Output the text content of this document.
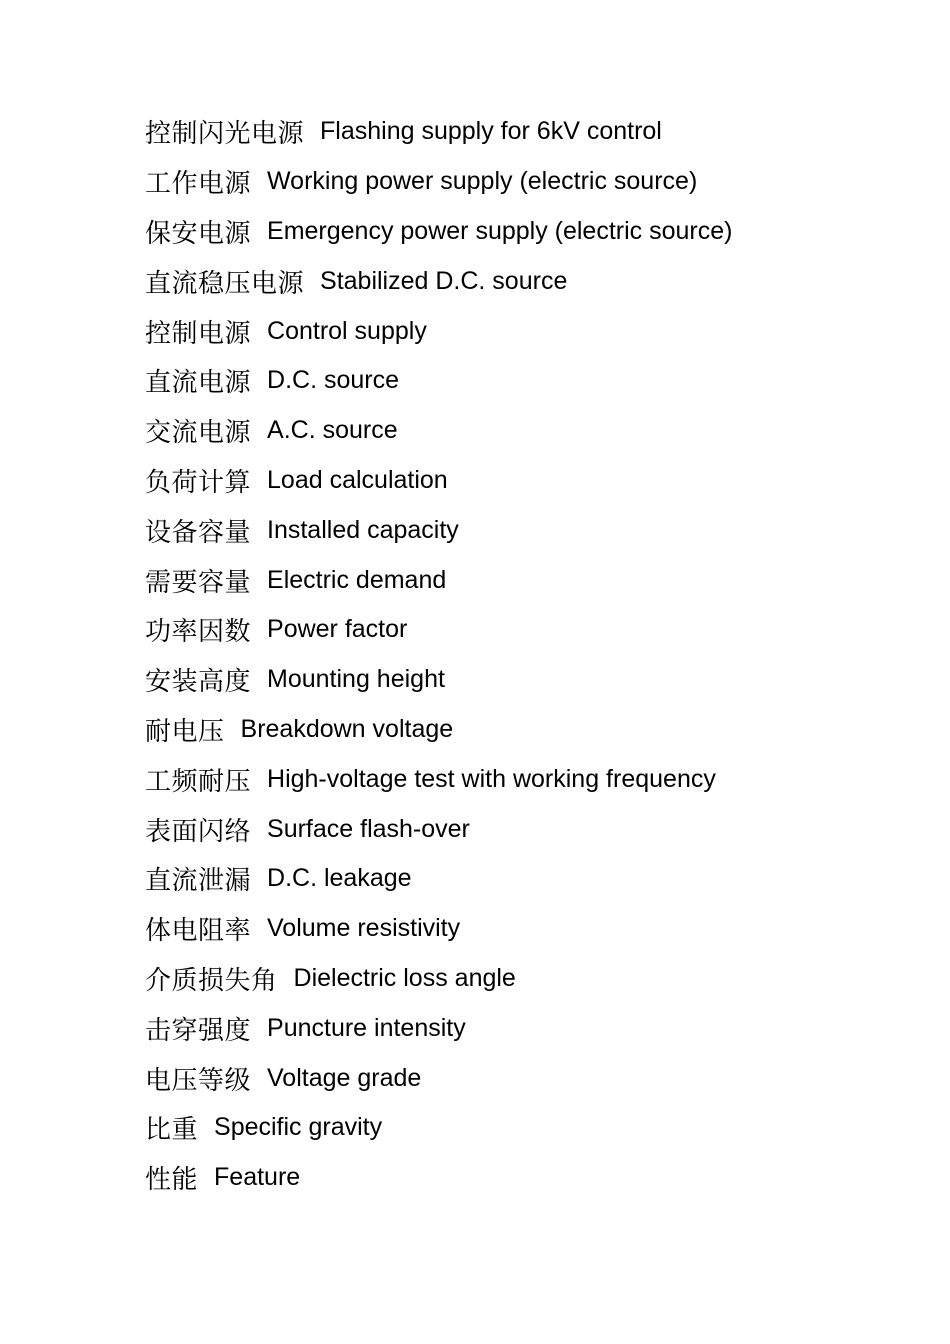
控制闪光电源 Flashing supply for 6kV control
工作电源 Working power supply (electric source)
保安电源 Emergency power supply (electric source)
直流稳压电源 Stabilized D.C. source
控制电源 Control supply
直流电源 D.C. source
交流电源 A.C. source
负荷计算 Load calculation
设备容量 Installed capacity
需要容量 Electric demand
功率因数 Power factor
安装高度 Mounting height
耐电压 Breakdown voltage
工频耐压 High-voltage test with working frequency
表面闪络 Surface flash-over
直流泄漏 D.C. leakage
体电阻率 Volume resistivity
介质损失角 Dielectric loss angle
击穿强度 Puncture intensity
电压等级 Voltage grade
比重 Specific gravity
性能 Feature
